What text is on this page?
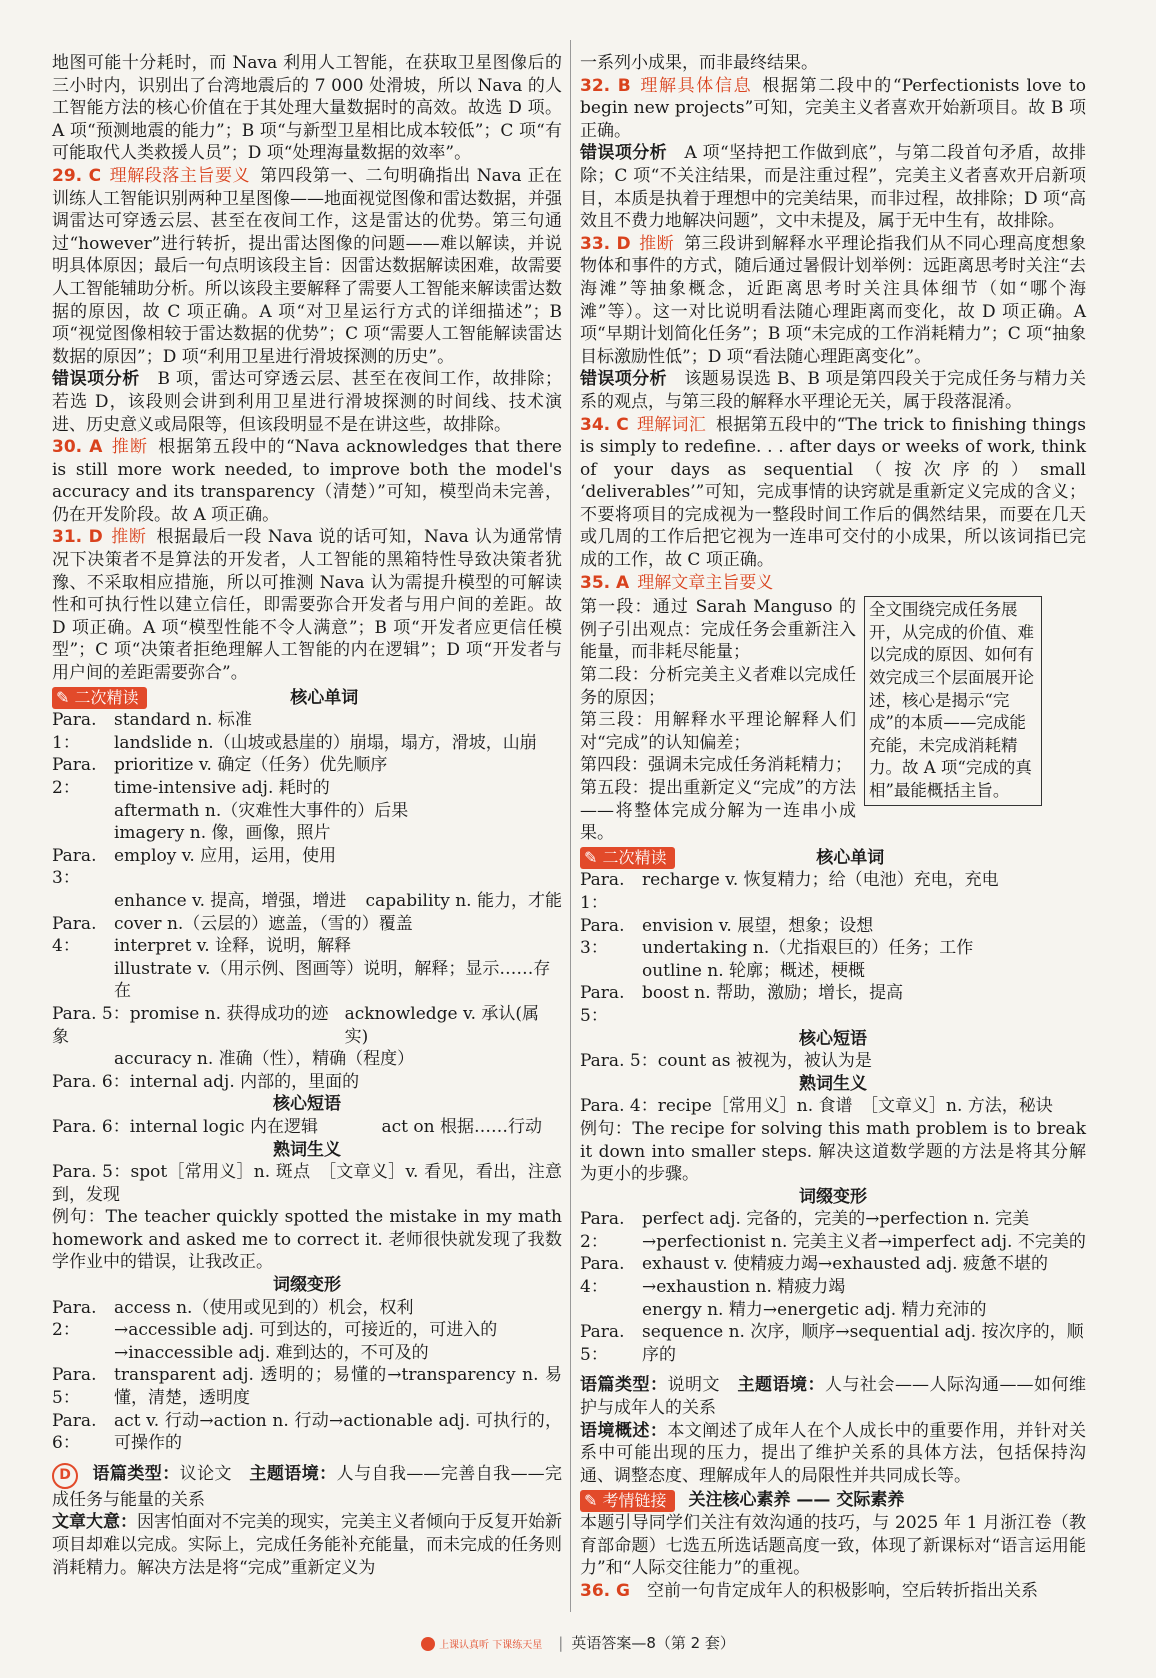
地图可能十分耗时，而 Nava 利用人工智能，在获取卫星图像后的三小时内，识别出了台湾地震后的 7 000 处滑坡，所以 Nava 的人工智能方法的核心价值在于其处理大量数据时的高效。故选 D 项。A 项“预测地震的能力”；B 项“与新型卫星相比成本较低”；C 项“有可能取代人类救援人员”；D 项“处理海量数据的效率”。

29. C 理解段落主旨要义 第四段第一、二句明确指出 Nava 正在训练人工智能识别两种卫星图像——地面视觉图像和雷达数据，并强调雷达可穿透云层、甚至在夜间工作，这是雷达的优势。第三句通过“however”进行转折，提出雷达图像的问题——难以解读，并说明具体原因；最后一句点明该段主旨：因雷达数据解读困难，故需要人工智能辅助分析。所以该段主要解释了需要人工智能来解读雷达数据的原因，故 C 项正确。A 项“对卫星运行方式的详细描述”；B 项“视觉图像相较于雷达数据的优势”；C 项“需要人工智能解读雷达数据的原因”；D 项“利用卫星进行滑坡探测的历史”。

错误项分析　 B 项，雷达可穿透云层、甚至在夜间工作，故排除；若选 D，该段则会讲到利用卫星进行滑坡探测的时间线、技术演进、历史意义或局限等，但该段明显不是在讲这些，故排除。

30. A 推断 根据第五段中的“Nava acknowledges that there is still more work needed, to improve both the model's accuracy and its transparency（清楚）”可知，模型尚未完善，仍在开发阶段。故 A 项正确。

31. D 推断 根据最后一段 Nava 说的话可知，Nava 认为通常情况下决策者不是算法的开发者，人工智能的黑箱特性导致决策者犹豫、不采取相应措施，所以可推测 Nava 认为需提升模型的可解读性和可执行性以建立信任，即需要弥合开发者与用户间的差距。故 D 项正确。A 项“模型性能不令人满意”；B 项“开发者应更信任模型”；C 项“决策者拒绝理解人工智能的内在逻辑”；D 项“开发者与用户间的差距需要弥合”。

✎ 二次精读	核心单词
Para. 1：
standard n. 标准
landslide n.（山坡或悬崖的）崩塌，塌方，滑坡，山崩
Para. 2：
prioritize v. 确定（任务）优先顺序
time-intensive adj. 耗时的
aftermath n.（灾难性大事件的）后果
imagery n. 像，画像，照片
Para. 3：
employ v. 应用，运用，使用
enhance v. 提高，增强，增进 capability n. 能力，才能
Para. 4：
cover n.（云层的）遮盖，（雪的）覆盖
interpret v. 诠释，说明，解释
illustrate v.（用示例、图画等）说明，解释；显示……存在
Para. 5：promise n. 获得成功的迹象
acknowledge v. 承认(属实)
accuracy n. 准确（性），精确（程度）
Para. 6：internal adj. 内部的，里面的
核心短语
Para. 6：internal logic 内在逻辑	act on 根据……行动
熟词生义

Para. 5：spot［常用义］n. 斑点　［文章义］v. 看见，看出，注意到，发现

例句：The teacher quickly spotted the mistake in my math homework and asked me to correct it. 老师很快就发现了我数学作业中的错误，让我改正。

词缀变形
Para. 2：
access n.（使用或见到的）机会，权利
→accessible adj. 可到达的，可接近的，可进入的
→inaccessible adj. 难到达的，不可及的
Para. 5：

transparent adj. 透明的；易懂的→transparency n. 易懂，清楚，透明度

Para. 6：

act v. 行动→action n. 行动→actionable adj. 可执行的，可操作的

D 语篇类型：议论文　 主题语境：人与自我——完善自我——完成任务与能量的关系

文章大意：因害怕面对不完美的现实，完美主义者倾向于反复开始新项目却难以完成。实际上，完成任务能补充能量，而未完成的任务则消耗精力。解决方法是将“完成”重新定义为

一系列小成果，而非最终结果。

32. B 理解具体信息 根据第二段中的“Perfectionists love to begin new projects”可知，完美主义者喜欢开始新项目。故 B 项正确。

错误项分析　 A 项“坚持把工作做到底”，与第二段首句矛盾，故排除；C 项“不关注结果，而是注重过程”，完美主义者喜欢开启新项目，本质是执着于理想中的完美结果，而非过程，故排除；D 项“高效且不费力地解决问题”，文中未提及，属于无中生有，故排除。

33. D 推断 第三段讲到解释水平理论指我们从不同心理高度想象物体和事件的方式，随后通过暑假计划举例：远距离思考时关注“去海滩”等抽象概念，近距离思考时关注具体细节（如“哪个海滩”等）。这一对比说明看法随心理距离而变化，故 D 项正确。A 项“早期计划简化任务”；B 项“未完成的工作消耗精力”；C 项“抽象目标激励性低”；D 项“看法随心理距离变化”。

错误项分析　 该题易误选 B、B 项是第四段关于完成任务与精力关系的观点，与第三段的解释水平理论无关，属于段落混淆。

34. C 理解词汇 根据第五段中的“The trick to finishing things is simply to redefine. . . after days or weeks of work, think of your days as sequential（按次序的）small ‘deliverables’”可知，完成事情的诀窍就是重新定义完成的含义；不要将项目的完成视为一整段时间工作后的偶然结果，而要在几天或几周的工作后把它视为一连串可交付的小成果，所以该词指已完成的工作，故 C 项正确。

35. A 理解文章主旨要义

第一段：通过 Sarah Manguso 的例子引出观点：完成任务会重新注入能量，而非耗尽能量；

第二段：分析完美主义者难以完成任务的原因；

第三段：用解释水平理论解释人们对“完成”的认知偏差；

第四段：强调未完成任务消耗精力；

第五段：提出重新定义“完成”的方法——将整体完成分解为一连串小成果。

全文围绕完成任务展开，从完成的价值、难以完成的原因、如何有效完成三个层面展开论述，核心是揭示“完成”的本质——完成能充能，未完成消耗精力。故 A 项“完成的真相”最能概括主旨。
✎ 二次精读	核心单词
Para. 1：
recharge v. 恢复精力；给（电池）充电，充电
Para. 3：
envision v. 展望，想象；设想
undertaking n.（尤指艰巨的）任务；工作
outline n. 轮廓；概述，梗概
Para. 5：
boost n. 帮助，激励；增长，提高
核心短语
Para. 5：count as 被视为，被认为是
熟词生义
Para. 4：recipe［常用义］n. 食谱　［文章义］n. 方法，秘诀

例句：The recipe for solving this math problem is to break it down into smaller steps. 解决这道数学题的方法是将其分解为更小的步骤。

词缀变形
Para. 2：
perfect adj. 完备的，完美的→perfection n. 完美
→perfectionist n. 完美主义者→imperfect adj. 不完美的
Para. 4：
exhaust v. 使精疲力竭→exhausted adj. 疲惫不堪的
→exhaustion n. 精疲力竭
energy n. 精力→energetic adj. 精力充沛的
Para. 5：
sequence n. 次序，顺序→sequential adj. 按次序的，顺序的

语篇类型：说明文　 主题语境：人与社会——人际沟通——如何维护与成年人的关系

语境概述：本文阐述了成年人在个人成长中的重要作用，并针对关系中可能出现的压力，提出了维护关系的具体方法，包括保持沟通、调整态度、理解成年人的局限性并共同成长等。

✎ 考情链接	关注核心素养 —— 交际素养

本题引导同学们关注有效沟通的技巧，与 2025 年 1 月浙江卷（教育部命题）七选五所选话题高度一致，体现了新课标对“语言运用能力”和“人际交往能力”的重视。

36. G　 空前一句肯定成年人的积极影响，空后转折指出关系

上课认真听 下课练天星 | 英语答案—8（第 2 套）
